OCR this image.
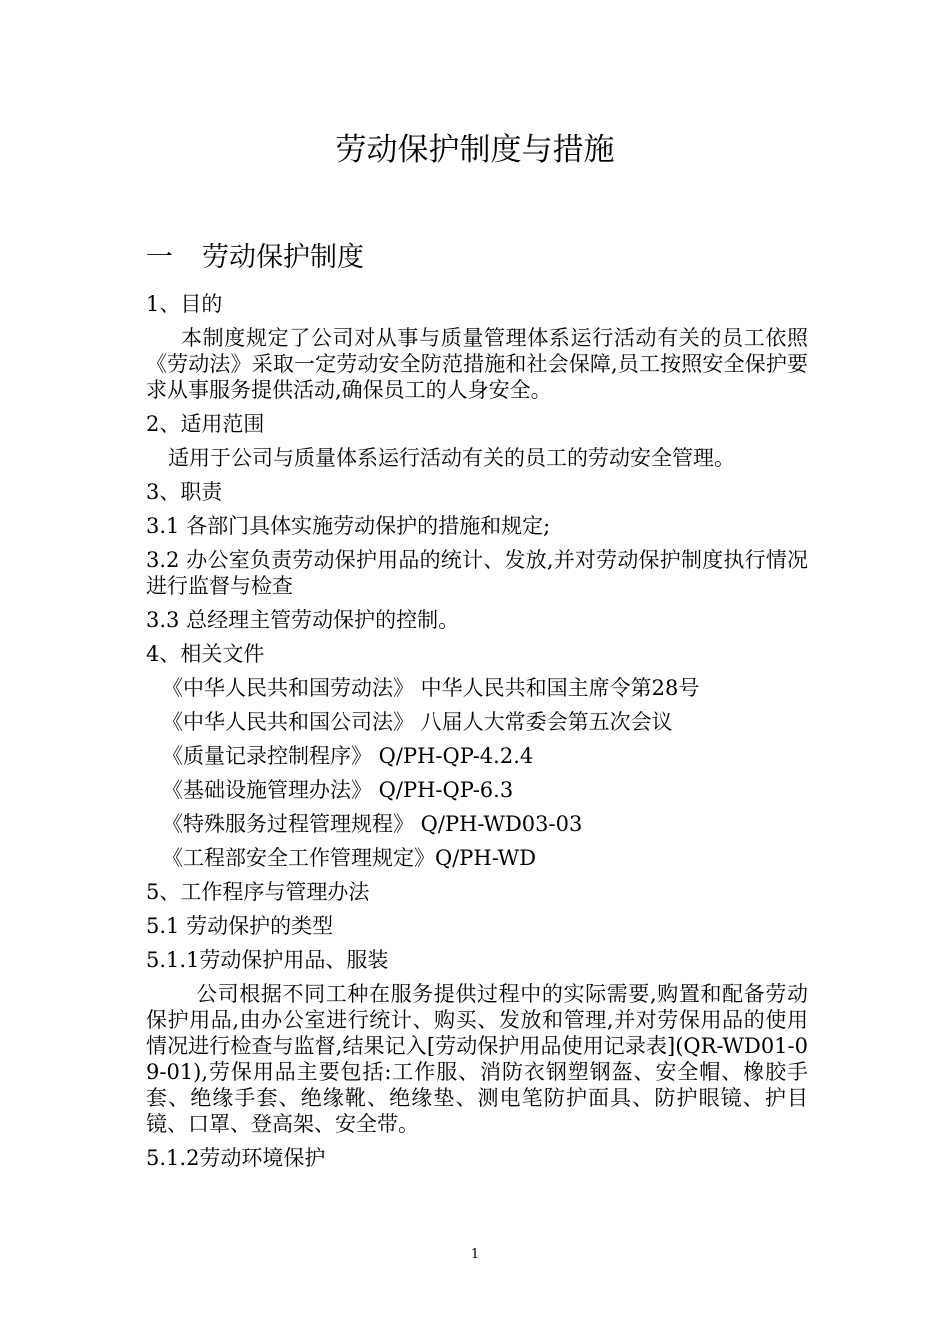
劳动保护制度与措施
一 劳动保护制度
1、目的
本制度规定了公司对从事与质量管理体系运行活动有关的员工依照《劳动法》采取一定劳动安全防范措施和社会保障,员工按照安全保护要求从事服务提供活动,确保员工的人身安全。
2、适用范围
适用于公司与质量体系运行活动有关的员工的劳动安全管理。
3、职责
3.1 各部门具体实施劳动保护的措施和规定;
3.2 办公室负责劳动保护用品的统计、发放,并对劳动保护制度执行情况进行监督与检查
3.3 总经理主管劳动保护的控制。
4、相关文件
《中华人民共和国劳动法》 中华人民共和国主席令第28号
《中华人民共和国公司法》 八届人大常委会第五次会议
《质量记录控制程序》 Q/PH-QP-4.2.4
《基础设施管理办法》 Q/PH-QP-6.3
《特殊服务过程管理规程》 Q/PH-WD03-03
《工程部安全工作管理规定》Q/PH-WD
5、工作程序与管理办法
5.1 劳动保护的类型
5.1.1劳动保护用品、服装
公司根据不同工种在服务提供过程中的实际需要,购置和配备劳动保护用品,由办公室进行统计、购买、发放和管理,并对劳保用品的使用情况进行检查与监督,结果记入[劳动保护用品使用记录表](QR-WD01-09-01),劳保用品主要包括:工作服、消防衣钢塑钢盔、安全帽、橡胶手套、绝缘手套、绝缘靴、绝缘垫、测电笔防护面具、防护眼镜、护目镜、口罩、登高架、安全带。
5.1.2劳动环境保护
1
